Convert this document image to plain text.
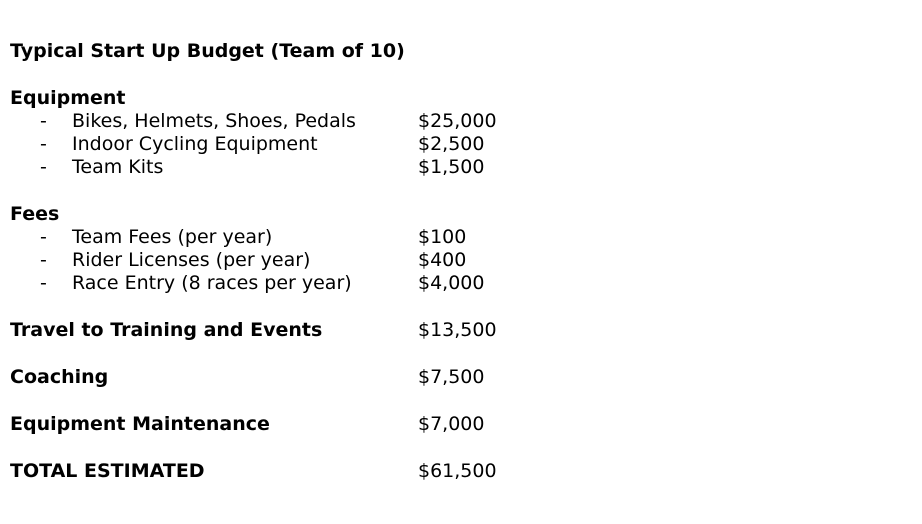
Typical Start Up Budget (Team of 10)
Equipment
- Bikes, Helmets, Shoes, Pedals	$25,000
- Indoor Cycling Equipment	$2,500
- Team Kits	$1,500
Fees
- Team Fees (per year)	$100
- Rider Licenses (per year)	$400
- Race Entry (8 races per year)	$4,000
Travel to Training and Events	$13,500
Coaching	$7,500
Equipment Maintenance	$7,000
TOTAL ESTIMATED	$61,500
